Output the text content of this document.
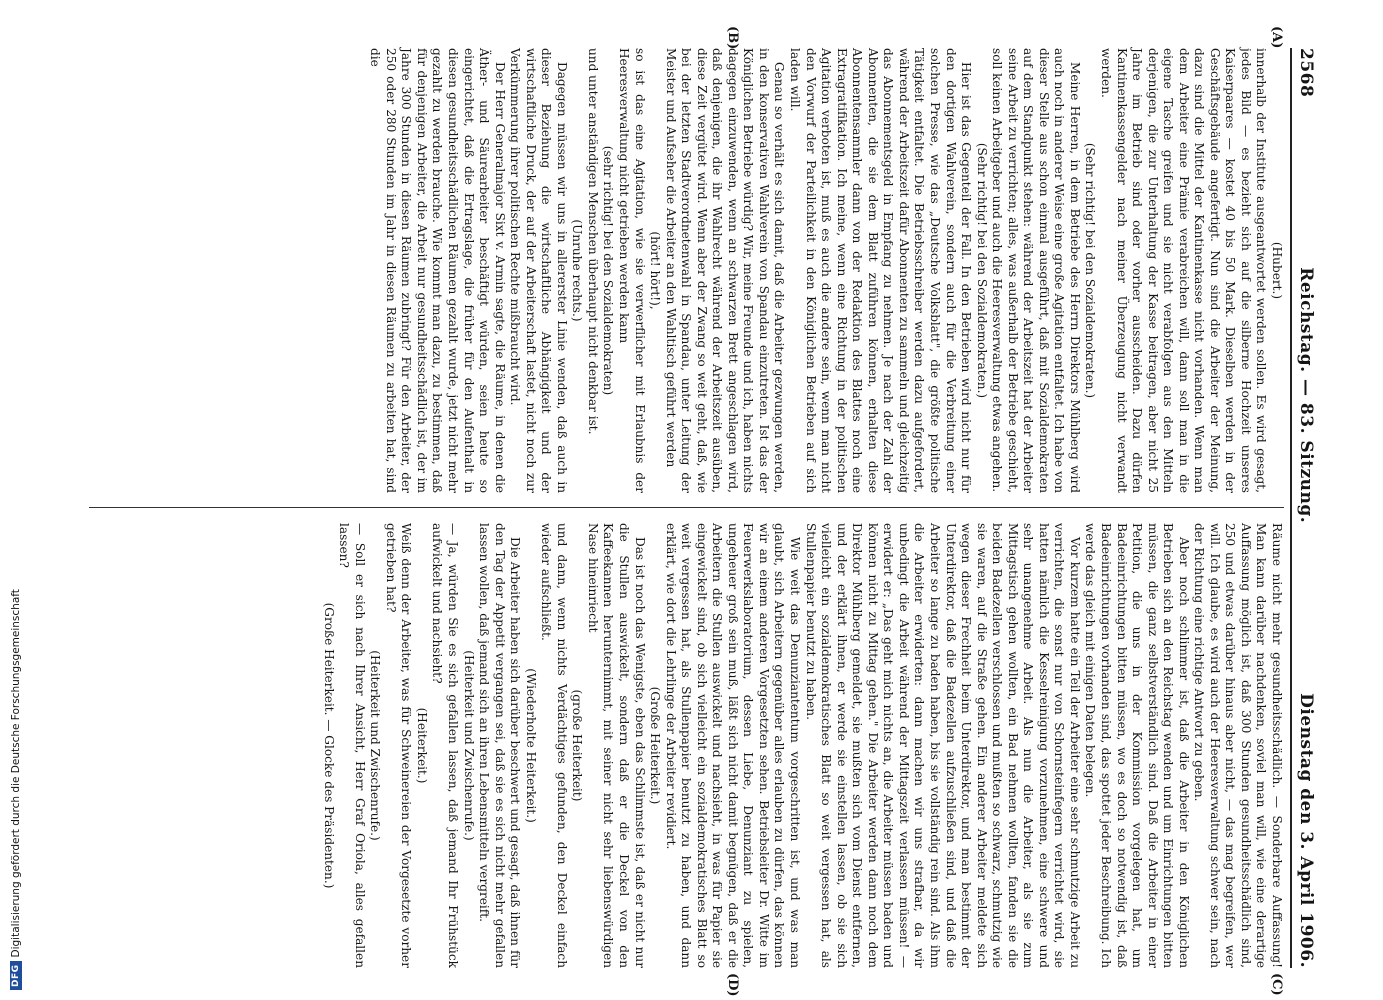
DFG
Digitalisierung gefördert durch die Deutsche Forschungsgemeinschaft
2568
Reichstag. — 83. Sitzung.
Dienstag den 3. April 1906.
(A)
(B)
(C)
(D)

(Hubert.)

innerhalb der Institute ausgeantwortet werden sollen. Es wird gesagt, jedes Bild — es bezieht sich auf die silberne Hochzeit unseres Kaiserpaares — kostet 40 bis 50 Mark. Dieselben werden in der Geschäftsgebäude angefertigt. Nun sind die Arbeiter der Meinung, dazu sind die Mittel der Kantinenkasse nicht vorhanden. Wenn man dem Arbeiter eine Prämie verabreichen will, dann soll man in die eigene Tasche greifen und sie nicht verabfolgen aus den Mitteln derjenigen, die zur Unterhaltung der Kasse beitragen, aber nicht 25 Jahre im Betrieb sind oder vorher ausscheiden. Dazu dürfen Kantinenkassengelder nach meiner Überzeugung nicht verwandt werden.

(Sehr richtig! bei den Sozialdemokraten.)

Meine Herren, in dem Betriebe des Herrn Direktors Mühlberg wird auch noch in anderer Weise eine große Agitation entfaltet. Ich habe von dieser Stelle aus schon einmal ausgeführt, daß mit Sozialdemokraten auf dem Standpunkt stehen: während der Arbeitszeit hat der Arbeiter seine Arbeit zu verrichten; alles, was außerhalb der Betriebe geschieht, soll keinen Arbeitgeber und auch die Heeresverwaltung etwas angehen.

(Sehr richtig! bei den Sozialdemokraten.)

Hier ist das Gegenteil der Fall. In den Betrieben wird nicht nur für den dortigen Wahlverein, sondern auch für die Verbreitung einer solchen Presse, wie das „Deutsche Volksblatt", die größte politische Tätigkeit entfaltet. Die Betriebsschreiber werden dazu aufgefordert, während der Arbeitszeit dafür Abonnenten zu sammeln und gleichzeitig das Abonnementsgeld in Empfang zu nehmen. Je nach der Zahl der Abonnenten, die sie dem Blatt zuführen können, erhalten diese Abonnentensammler dann von der Redaktion des Blattes noch eine Extragratifikation. Ich meine, wenn eine Richtung in der politischen Agitation verboten ist, muß es auch die andere sein, wenn man nicht den Vorwurf der Parteilichkeit in den Königlichen Betrieben auf sich laden will.

Genau so verhält es sich damit, daß die Arbeiter gezwungen werden, in den konservativen Wahlverein von Spandau einzutreten. Ist das der Königlichen Betriebe würdig? Wir, meine Freunde und ich, haben nichts dagegen einzuwenden, wenn an schwarzen Brett angeschlagen wird, daß denjenigen, die ihr Wahlrecht während der Arbeitszeit ausüben, diese Zeit vergütet wird. Wenn aber der Zwang so weit geht, daß, wie bei der letzten Stadtverordnetenwahl in Spandau, unter Leitung der Meister und Aufseher die Arbeiter an den Wahltisch geführt werden

(hört! hört!),

so ist das eine Agitation, wie sie verwerflicher mit Erlaubnis der Heeresverwaltung nicht getrieben werden kann

(sehr richtig! bei den Sozialdemokraten)

und unter anständigen Menschen überhaupt nicht denkbar ist.

(Unruhe rechts.)

Dagegen müssen wir uns in allererster Linie wenden, daß auch in dieser Beziehung die wirtschaftliche Abhängigkeit und der wirtschaftliche Druck, der auf der Arbeiterschaft lastet, nicht noch zur Verkümmerung ihrer politischen Rechte mißbraucht wird.

Der Herr Generalmajor Sixt v. Armin sagte, die Räume, in denen die Äther- und Säurearbeiter beschäftigt würden, seien heute so eingerichtet, daß die Ertragslage, die früher für den Aufenthalt in diesen gesundheitsschädlichen Räumen gezahlt wurde, jetzt nicht mehr gezahlt zu werden brauche. Wie kommt man dazu, zu bestimmen, daß für denjenigen Arbeiter, die Arbeit nur gesundheitsschädlich ist, der im Jahre 300 Stunden in diesen Räumen zubringt? Für den Arbeiter, der 250 oder 280 Stunden im Jahr in diesen Räumen zu arbeiten hat, sind die

Räume nicht mehr gesundheitsschädlich. — Sonderbare Auffassung! Man kann darüber nachdenken, soviel man will, wie eine derartige Auffassung möglich ist, daß 300 Stunden gesundheitsschädlich sind, 250 und etwas darüber hinaus aber nicht, — das mag begreifen, wer will. Ich glaube, es wird auch der Heeresverwaltung schwer sein, nach der Richtung eine richtige Antwort zu geben.

Aber noch schlimmer ist, daß die Arbeiter in den Königlichen Betrieben sich an den Reichstag wenden und um Einrichtungen bitten müssen, die ganz selbstverständlich sind. Daß die Arbeiter in einer Petition, die uns in der Kommission vorgelegen hat, um Badeeinrichtungen bitten müssen, wo es doch so notwendig ist, daß Badeeinrichtungen vorhanden sind, das spottet jeder Beschreibung. Ich werde das gleich mit einigen Daten belegen.

Vor kurzem hatte ein Teil der Arbeiter eine sehr schmutzige Arbeit zu verrichten, die sonst nur von Schornsteinfegern verrichtet wird, sie hatten nämlich die Kesselreinigung vorzunehmen, eine schwere und sehr unangenehme Arbeit. Als nun die Arbeiter, als sie zum Mittagstisch gehen wollten, ein Bad nehmen wollten, fanden sie die beiden Badezellen verschlossen und mußten so schwarz, schmutzig wie sie waren, auf die Straße gehen. Ein anderer Arbeiter meldete sich wegen dieser Frechheit beim Unterdirektor, und man bestimmt der Unterdirektor, daß die Badezellen aufzuschließen sind, und daß die Arbeiter so lange zu baden haben, bis sie vollständig rein sind. Als ihm die Arbeiter erwiderten: dann machen wir uns strafbar, da wir unbedingt die Arbeit während der Mittagszeit verlassen müssen! — erwidert er: „Das geht mich nichts an, die Arbeiter müssen baden und können nicht zu Mittag gehen." Die Arbeiter werden dann noch dem Direktor Mühlberg gemeldet, sie mußten sich vom Dienst entfernen, und der erklärt ihnen, er werde sie einstellen lassen, ob sie sich vielleicht ein sozialdemokratisches Blatt so weit vergessen hat, als Stullenpapier benutzt zu haben.

Wie weit das Denunziantentum vorgeschritten ist, und was man glaubt, sich Arbeitern gegenüber alles erlauben zu dürfen, das können wir an einem anderen Vorgesetzten sehen. Betriebsleiter Dr. Witte im Feuerwerkslaboratorium, dessen Liebe, Denunziant zu spielen, ungeheuer groß sein muß, läßt sich nicht damit begnügen, daß er die Arbeitern die Stullen auswickelt und nachsieht, in was für Papier sie eingewickelt sind, ob sich vielleicht ein sozialdemokratisches Blatt so weit vergessen hat, als Stullenpapier benutzt zu haben, und dann erklärt, wie dort die Lehrlinge der Arbeiter revidiert.

(Große Heiterkeit.)

Das ist noch das Wenigste, eben das Schlimmste ist, daß er nicht nur die Stullen auswickelt, sondern daß er die Deckel von den Kaffeekannen herunternimmt, mit seiner nicht sehr liebenswürdigen Nase hineinriecht

(große Heiterkeit)

und dann, wenn nichts Verdächtiges gefunden, den Deckel einfach wieder aufschließt.

(Wiederholte Heiterkeit.)

Die Arbeiter haben sich darüber beschwert und gesagt, daß ihnen für den Tag der Appetit vergangen sei, daß sie es sich nicht mehr gefallen lassen wollen, daß jemand sich an ihren Lebensmitteln vergreift.

(Heiterkeit und Zwischenrufe.)

— Ja, würden Sie es sich gefallen lassen, daß jemand Ihr Frühstück aufwickelt und nachsieht?

(Heiterkeit.)

Weiß denn der Arbeiter, was für Schweinereien der Vorgesetzte vorher getrieben hat?

(Heiterkeit und Zwischenrufe.)

— Soll er sich nach Ihrer Ansicht, Herr Graf Oriola, alles gefallen lassen?

(Große Heiterkeit. — Glocke des Präsidenten.)
